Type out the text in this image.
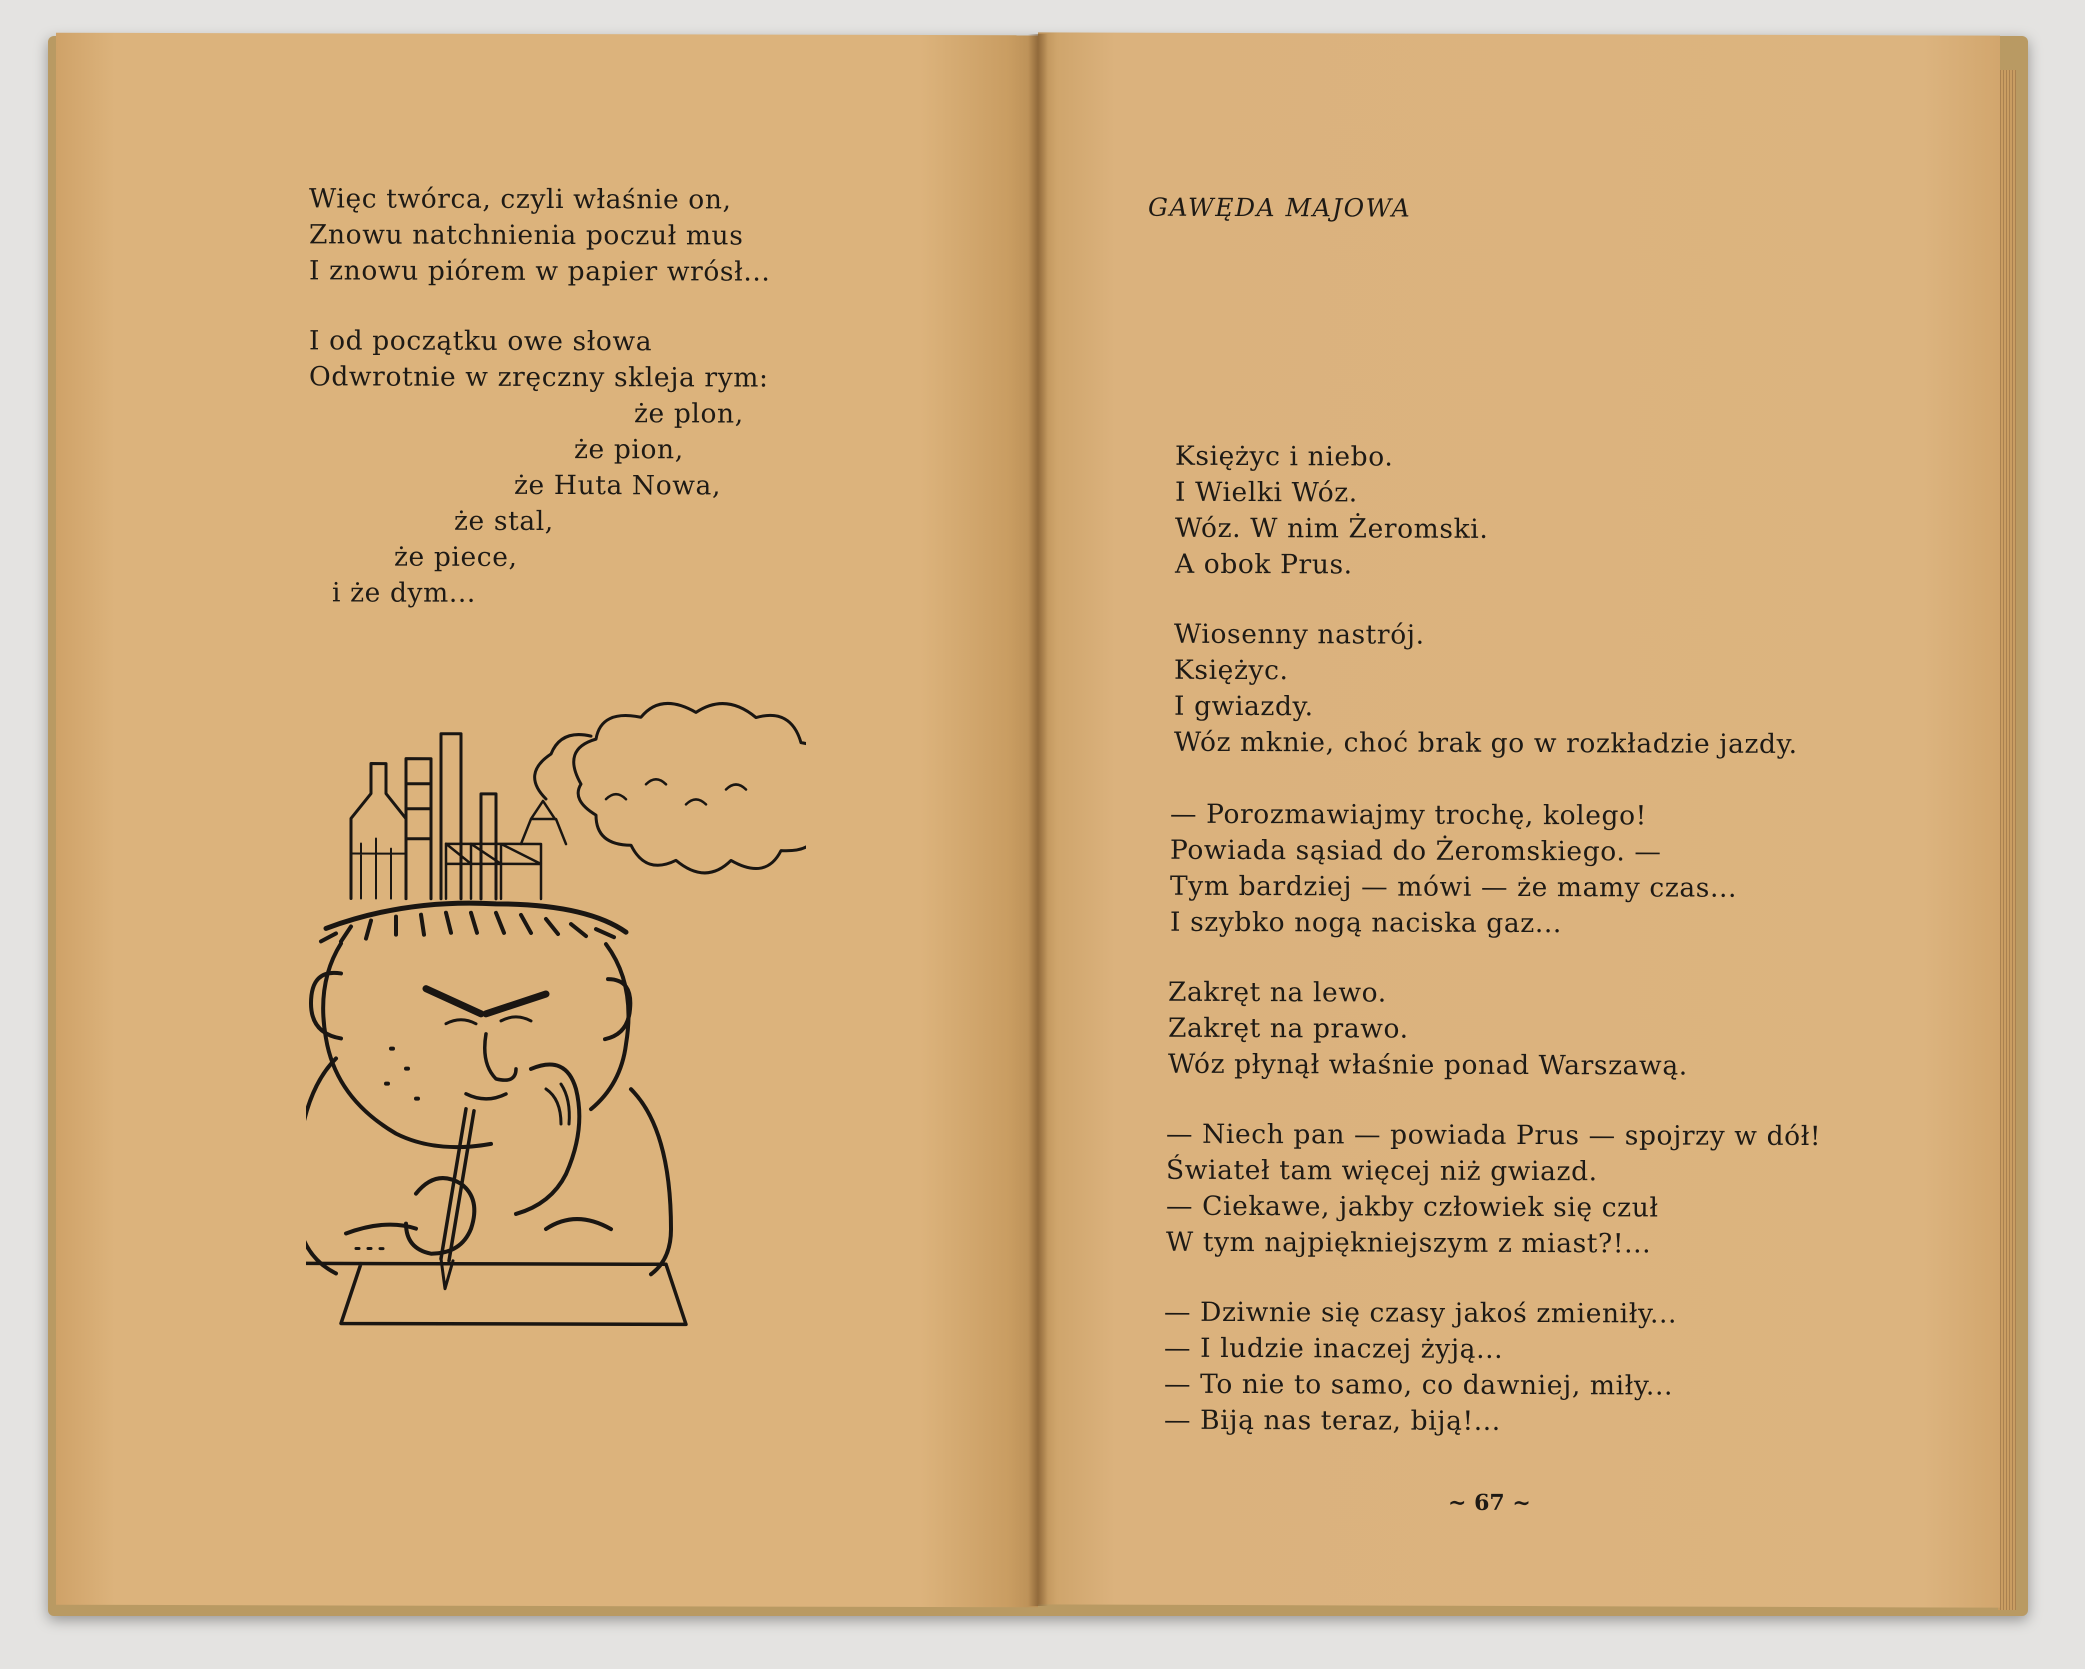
Więc twórca, czyli właśnie on,
Znowu natchnienia poczuł mus
I znowu piórem w papier wrósł...
I od początku owe słowa
Odwrotnie w zręczny skleja rym:
że plon,
że pion,
że Huta Nowa,
że stal,
że piece,
i że dym...
GAWĘDA MAJOWA
Księżyc i niebo.
I Wielki Wóz.
Wóz. W nim Żeromski.
A obok Prus.
Wiosenny nastrój.
Księżyc.
I gwiazdy.
Wóz mknie, choć brak go w rozkładzie jazdy.
— Porozmawiajmy trochę, kolego!
Powiada sąsiad do Żeromskiego. —
Tym bardziej — mówi — że mamy czas...
I szybko nogą naciska gaz...
Zakręt na lewo.
Zakręt na prawo.
Wóz płynął właśnie ponad Warszawą.
— Niech pan — powiada Prus — spojrzy w dół!
Świateł tam więcej niż gwiazd.
— Ciekawe, jakby człowiek się czuł
W tym najpiękniejszym z miast?!...
— Dziwnie się czasy jakoś zmieniły...
— I ludzie inaczej żyją...
— To nie to samo, co dawniej, miły...
— Biją nas teraz, biją!...
~ 67 ~
